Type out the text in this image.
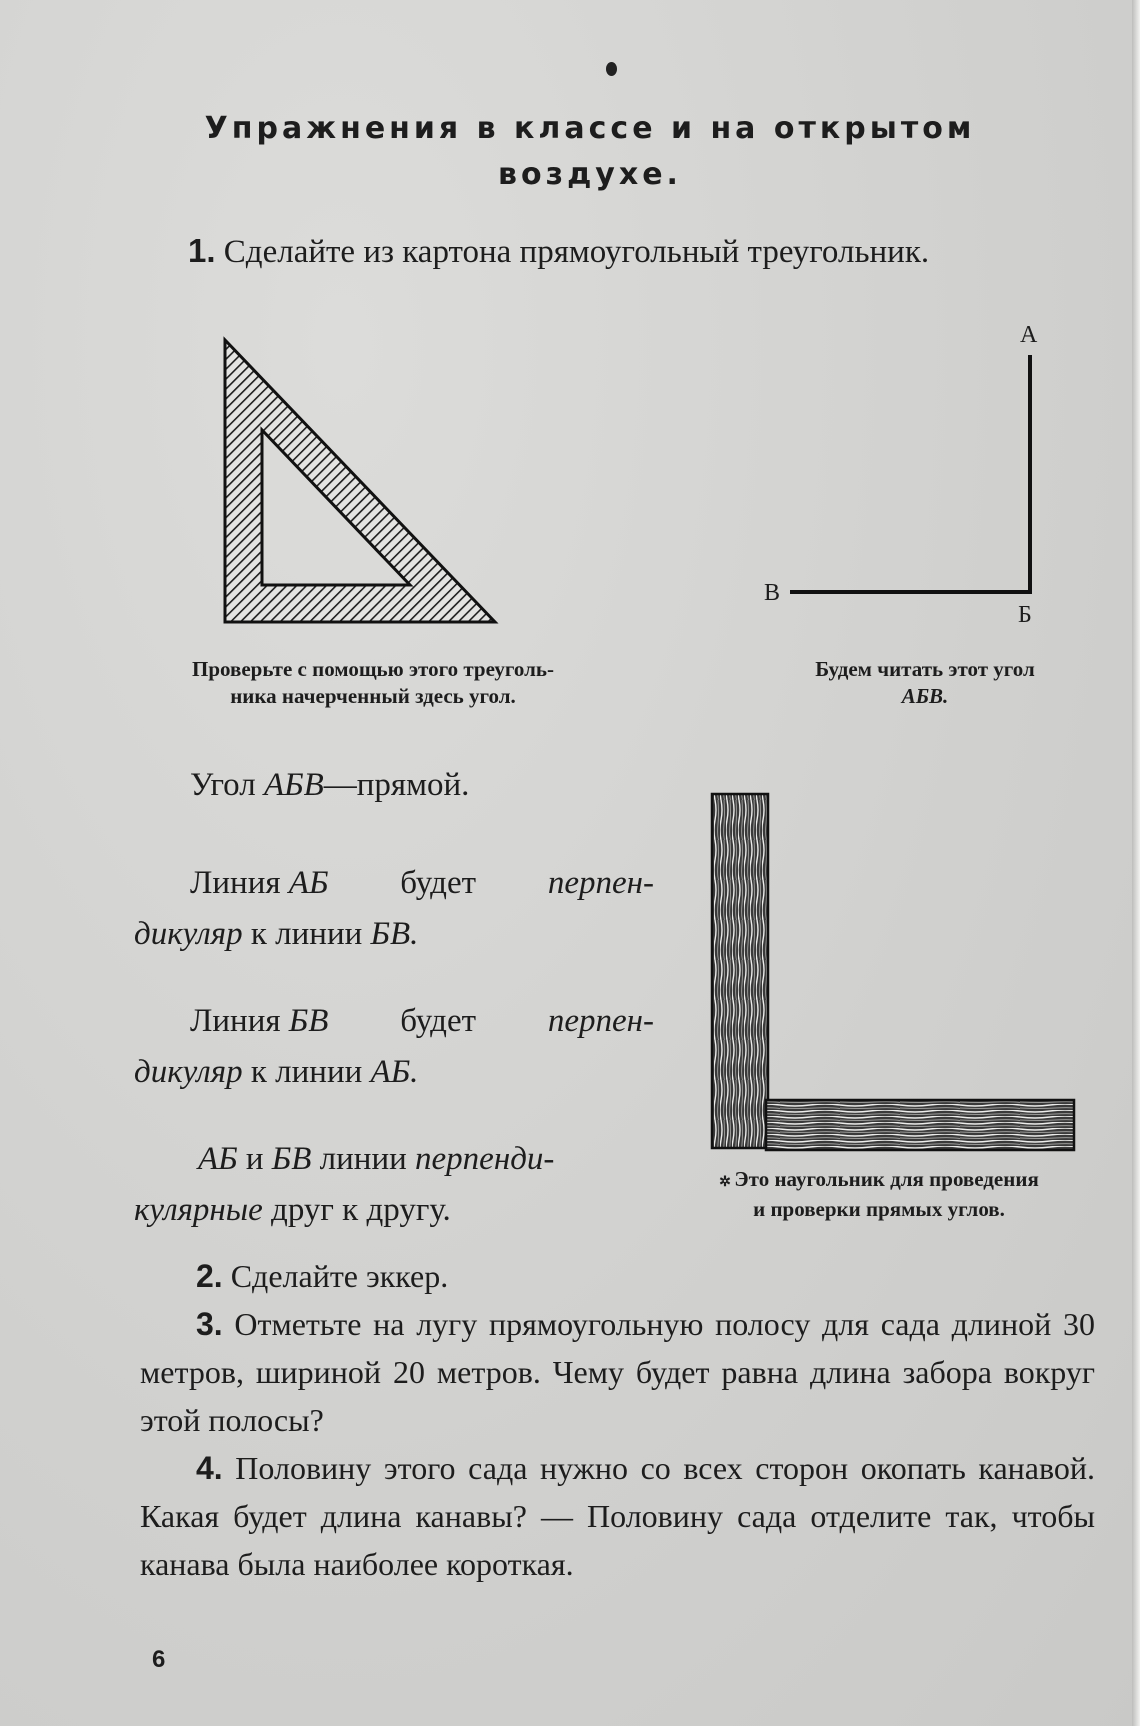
Упражнения в классе и на открытом
воздухе.
1. Сделайте из картона прямоугольный треугольник.
А
Б
В
Проверьте с помощью этого треуголь-
ника начерченный здесь угол.
Будем читать этот угол
АБВ.
Угол АБВ—прямой.
Линия АБ будет перпен-
дикуляр к линии БВ.
Линия БВ будет перпен-
дикуляр к линии АБ.
АБ и БВ линии перпенди-
кулярные друг к другу.
✲ Это наугольник для проведения
и проверки прямых углов.
2. Сделайте эккер.
3. Отметьте на лугу прямоугольную полосу для сада длиной 30 метров, шириной 20 метров. Чему будет равна длина забора вокруг этой полосы?
4. Половину этого сада нужно со всех сторон окопать канавой. Какая будет длина канавы? — Половину сада отделите так, чтобы канава была наиболее короткая.
6
